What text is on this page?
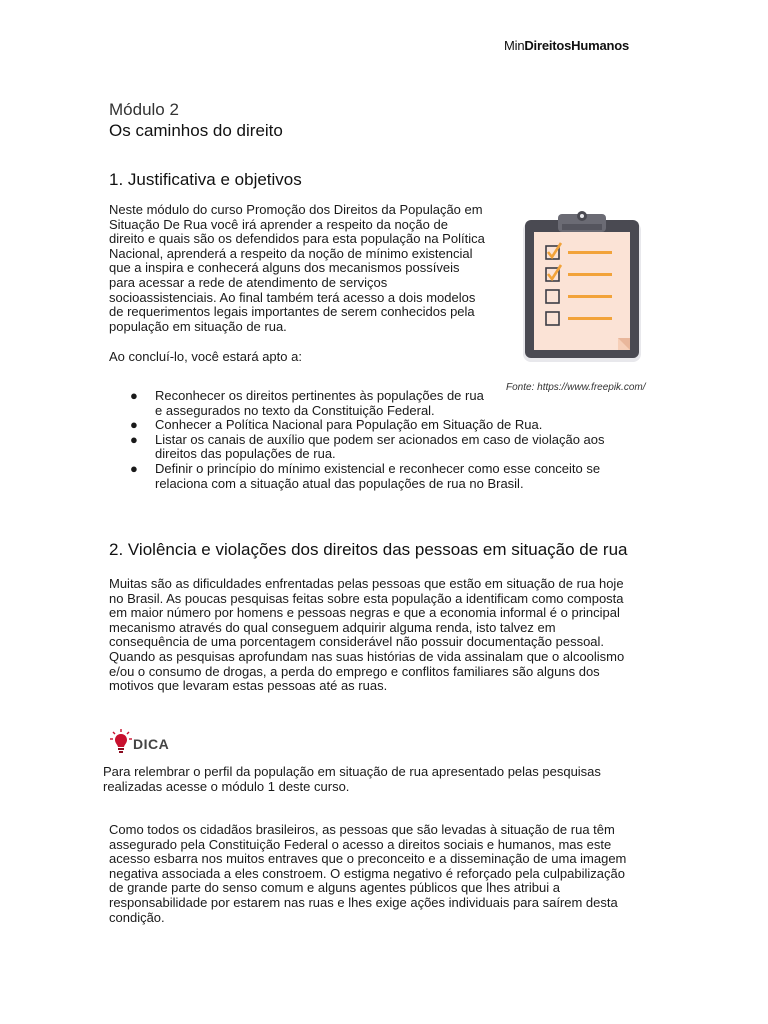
MinDireitosHumanos
Módulo 2
Os caminhos do direito
1. Justificativa e objetivos
Neste módulo do curso Promoção dos Direitos da População em
Situação De Rua você irá aprender a respeito da noção de
direito e quais são os defendidos para esta população na Política
Nacional, aprenderá a respeito da noção de mínimo existencial
que a inspira e conhecerá alguns dos mecanismos possíveis
para acessar a rede de atendimento de serviços
socioassistenciais. Ao final também terá acesso a dois modelos
de requerimentos legais importantes de serem conhecidos pela
população em situação de rua.
Ao concluí-lo, você estará apto a:
Fonte: https://www.freepik.com/
● Reconhecer os direitos pertinentes às populações de rua e assegurados no texto da Constituição Federal.
● Conhecer a Política Nacional para População em Situação de Rua.
● Listar os canais de auxílio que podem ser acionados em caso de violação aos
direitos das populações de rua.
● Definir o princípio do mínimo existencial e reconhecer como esse conceito se
relaciona com a situação atual das populações de rua no Brasil.
2. Violência e violações dos direitos das pessoas em situação de rua
Muitas são as dificuldades enfrentadas pelas pessoas que estão em situação de rua hoje
no Brasil. As poucas pesquisas feitas sobre esta população a identificam como composta
em maior número por homens e pessoas negras e que a economia informal é o principal
mecanismo através do qual conseguem adquirir alguma renda, isto talvez em
consequência de uma porcentagem considerável não possuir documentação pessoal.
Quando as pesquisas aprofundam nas suas histórias de vida assinalam que o alcoolismo
e/ou o consumo de drogas, a perda do emprego e conflitos familiares são alguns dos
motivos que levaram estas pessoas até as ruas.
DICA
Para relembrar o perfil da população em situação de rua apresentado pelas pesquisas
realizadas acesse o módulo 1 deste curso.
Como todos os cidadãos brasileiros, as pessoas que são levadas à situação de rua têm
assegurado pela Constituição Federal o acesso a direitos sociais e humanos, mas este
acesso esbarra nos muitos entraves que o preconceito e a disseminação de uma imagem
negativa associada a eles constroem. O estigma negativo é reforçado pela culpabilização
de grande parte do senso comum e alguns agentes públicos que lhes atribui a
responsabilidade por estarem nas ruas e lhes exige ações individuais para saírem desta
condição.
